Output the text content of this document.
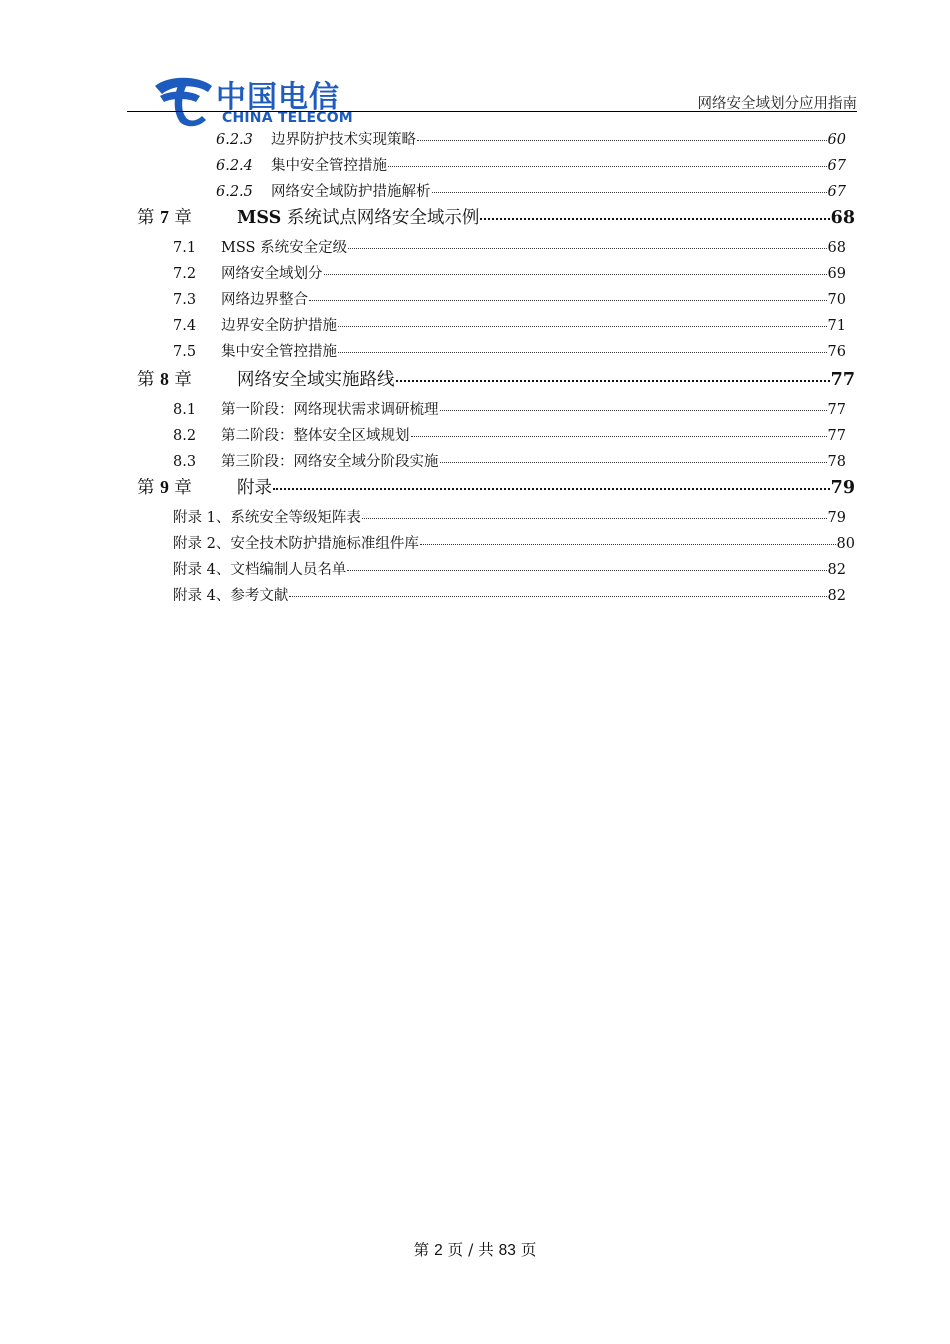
中国电信
CHINA TELECOM
网络安全域划分应用指南
6.2.3	边界防护技术实现策略	60
6.2.4	集中安全管控措施	67
6.2.5	网络安全域防护措施解析	67
第 7 章	MSS 系统试点网络安全域示例	68
7.1	MSS 系统安全定级	68
7.2	网络安全域划分	69
7.3	网络边界整合	70
7.4	边界安全防护措施	71
7.5	集中安全管控措施	76
第 8 章	网络安全域实施路线	77
8.1	第一阶段：网络现状需求调研梳理	77
8.2	第二阶段：整体安全区域规划	77
8.3	第三阶段：网络安全域分阶段实施	78
第 9 章	附录	79
附录 1、系统安全等级矩阵表	79
附录 2、安全技术防护措施标准组件库	80
附录 4、文档编制人员名单	82
附录 4、参考文献	82
第 2 页 / 共 83 页
